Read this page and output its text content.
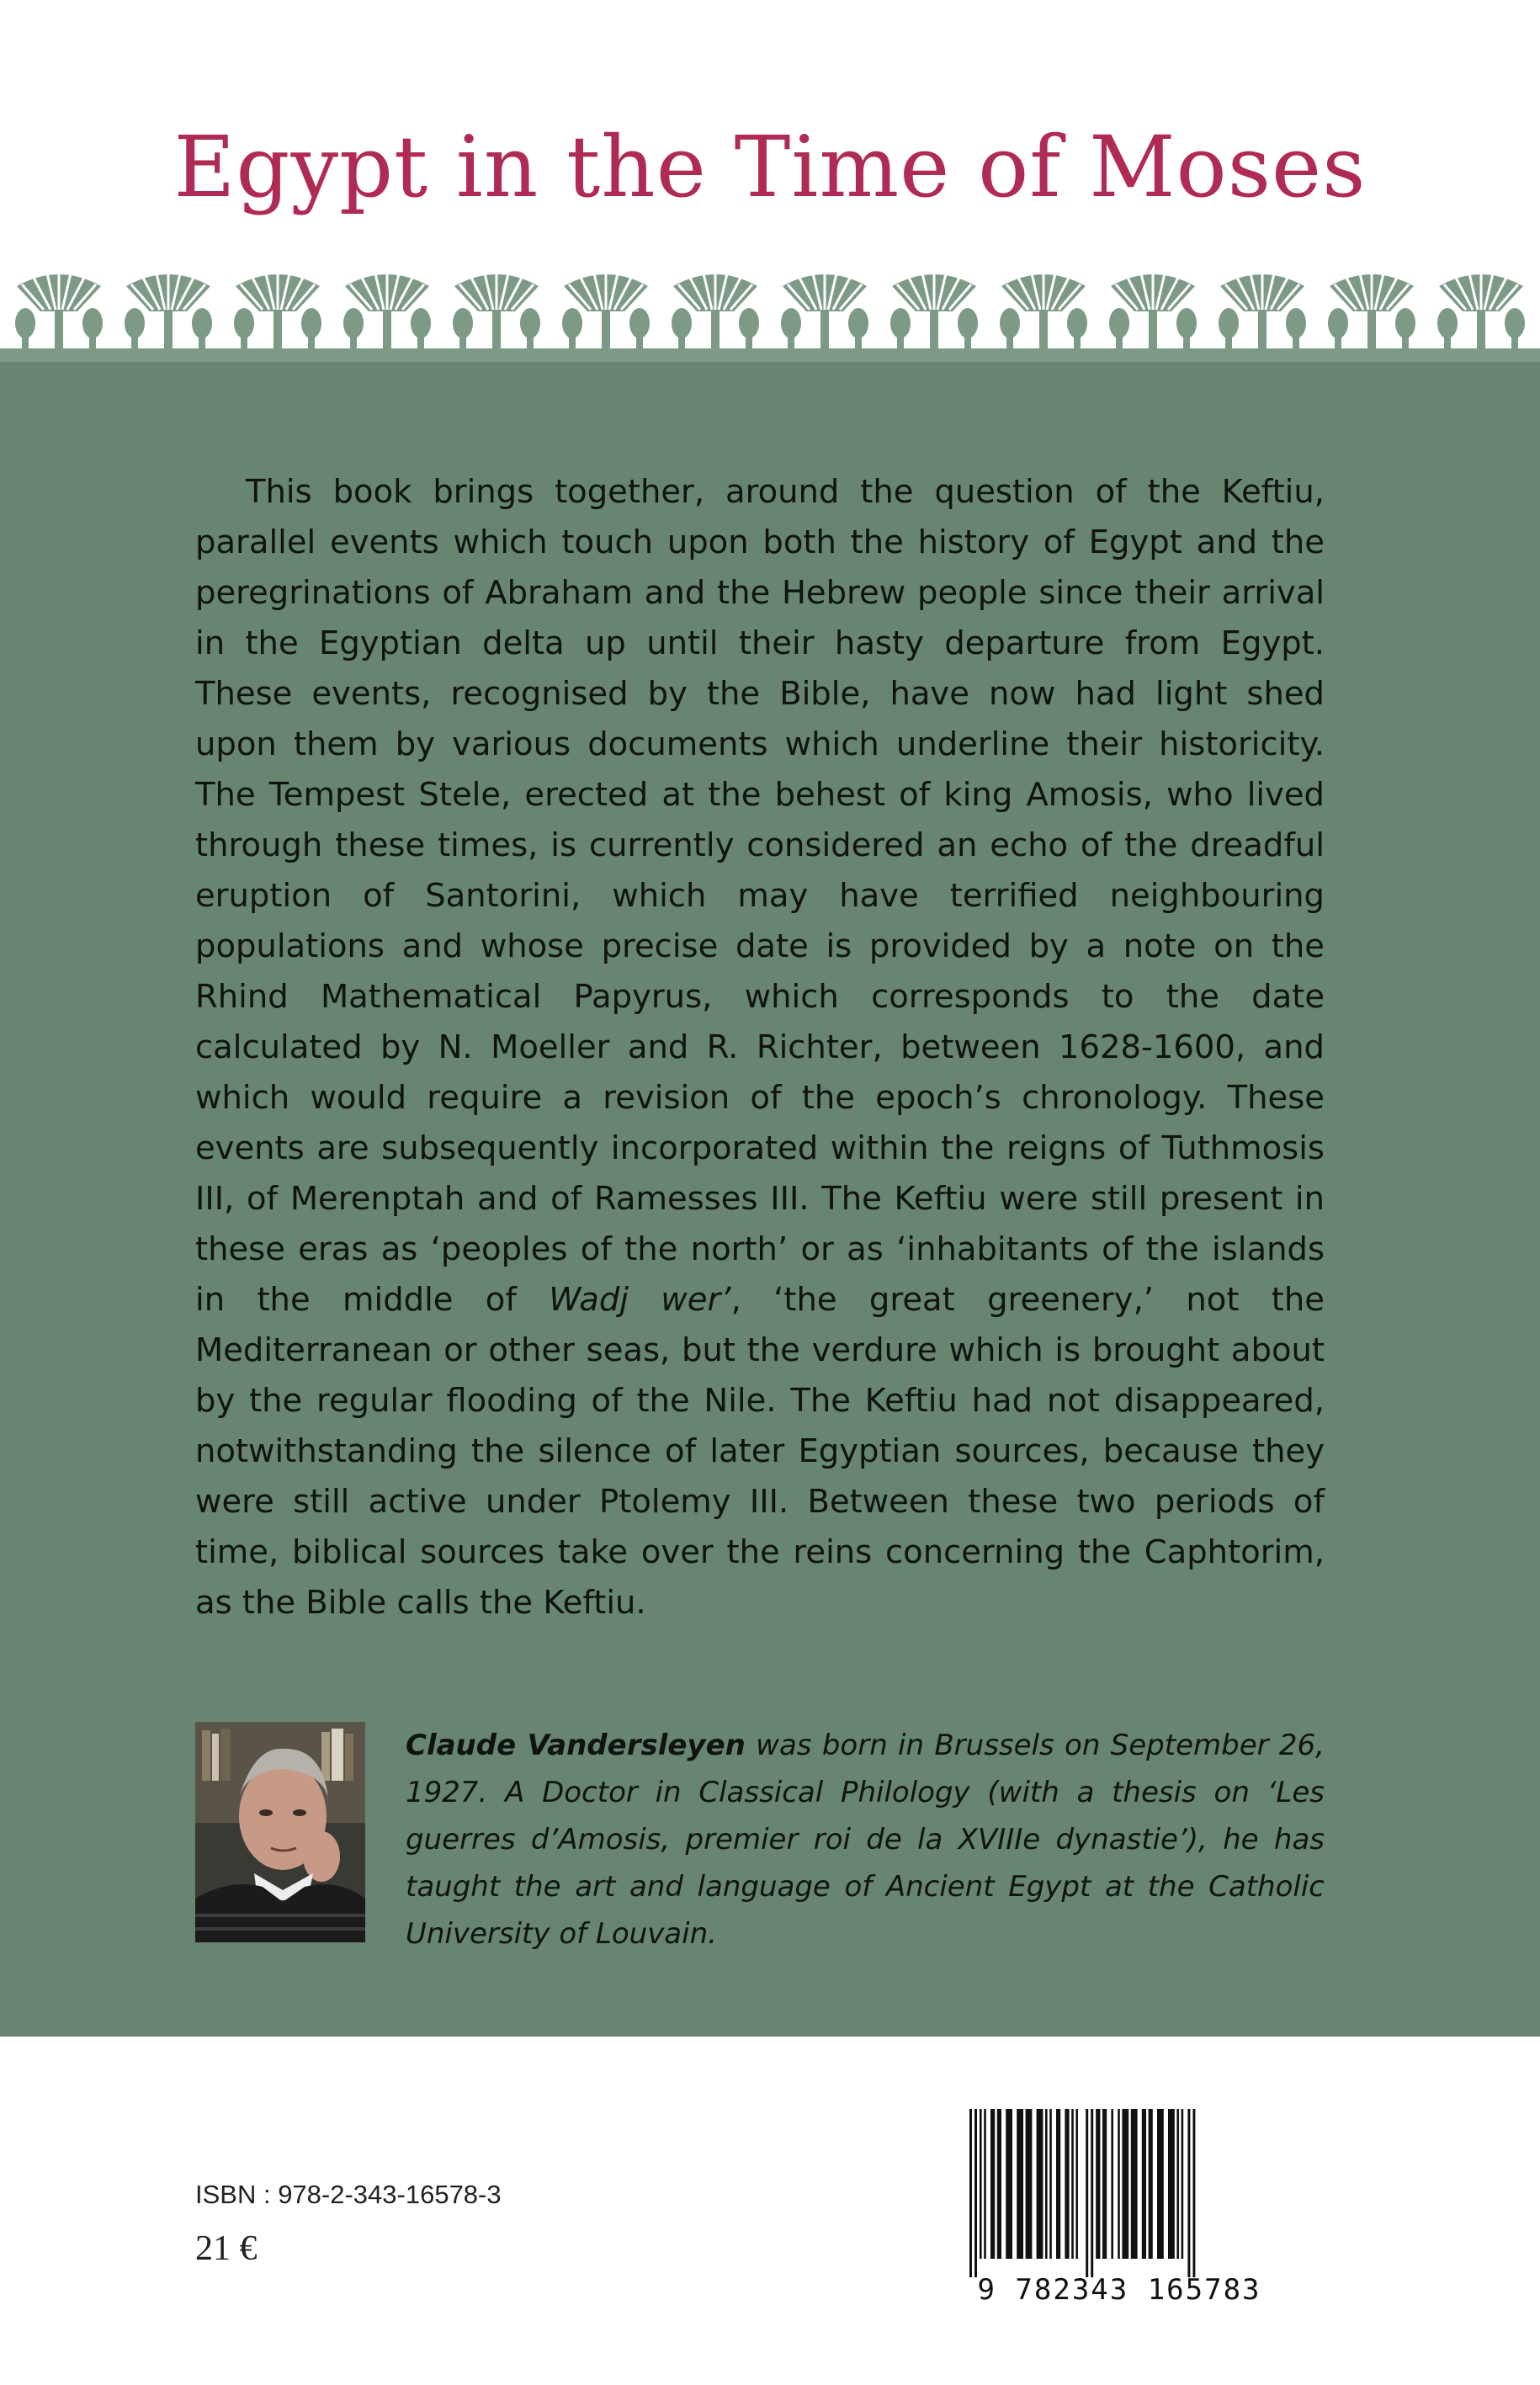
Egypt in the Time of Moses

This book brings together, around the question of the Keftiu, parallel events which touch upon both the history of Egypt and the peregrinations of Abraham and the Hebrew people since their arrival in the Egyptian delta up until their hasty departure from Egypt. These events, recognised by the Bible, have now had light shed upon them by various documents which underline their historicity. The Tempest Stele, erected at the behest of king Amosis, who lived through these times, is currently considered an echo of the dreadful eruption of Santorini, which may have terrified neighbouring populations and whose precise date is provided by a note on the Rhind Mathematical Papyrus, which corresponds to the date calculated by N. Moeller and R. Richter, between 1628-1600, and which would require a revision of the epoch’s chronology. These events are subsequently incorporated within the reigns of Tuthmosis III, of Merenptah and of Ramesses III. The Keftiu were still present in these eras as ‘peoples of the north’ or as ‘inhabitants of the islands in the middle of Wadj wer’, ‘the great greenery,’ not the Mediterranean or other seas, but the verdure which is brought about by the regular flooding of the Nile. The Keftiu had not disappeared, notwithstanding the silence of later Egyptian sources, because they were still active under Ptolemy III. Between these two periods of time, biblical sources take over the reins concerning the Caphtorim, as the Bible calls the Keftiu.

Claude Vandersleyen was born in Brussels on September 26, 1927. A Doctor in Classical Philology (with a thesis on ‘Les guerres d’Amosis, premier roi de la XVIIIe dynastie’), he has taught the art and language of Ancient Egypt at the Catholic University of Louvain.

ISBN : 978-2-343-16578-3
21 €
9 782343 165783
